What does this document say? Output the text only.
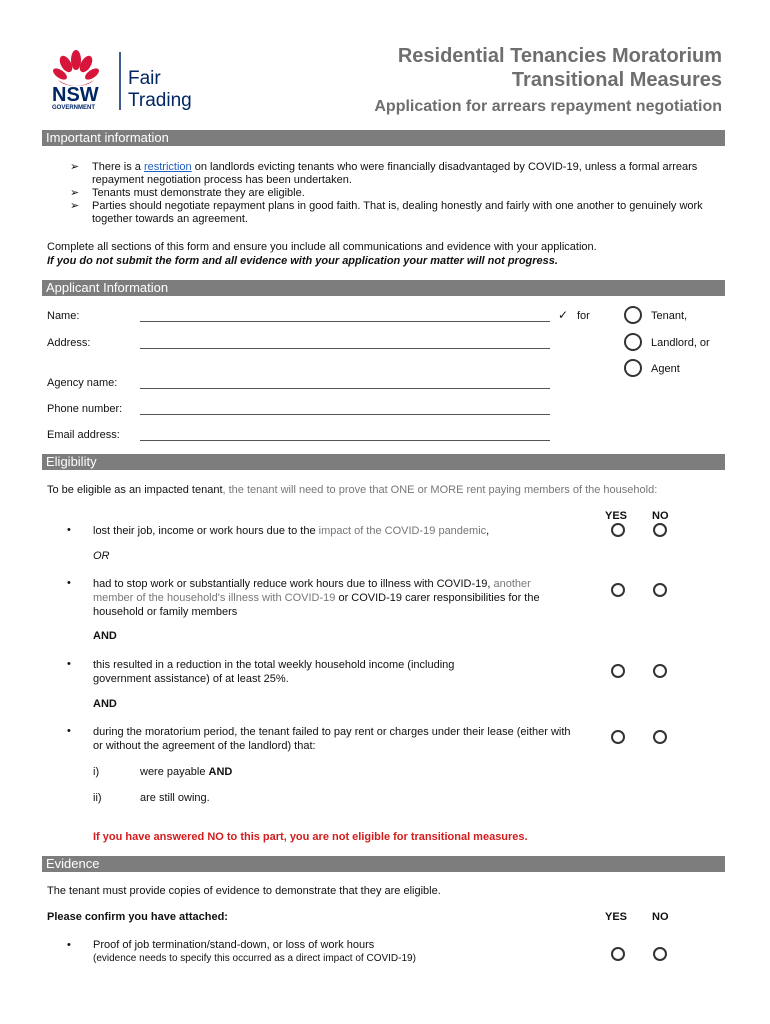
NSW
GOVERNMENT
Fair
Trading
Residential Tenancies Moratorium
Transitional Measures
Application for arrears repayment negotiation
Important information
➢ There is a restriction on landlords evicting tenants who were financially disadvantaged by COVID-19, unless a formal arrears repayment negotiation process has been undertaken.
➢ Tenants must demonstrate they are eligible.
➢ Parties should negotiate repayment plans in good faith. That is, dealing honestly and fairly with one another to genuinely work together towards an agreement.
Complete all sections of this form and ensure you include all communications and evidence with your application.
If you do not submit the form and all evidence with your application your matter will not progress.
Applicant Information
Name:	✓ for	Tenant,
Landlord, or
Agent
Address:
Agency name:
Phone number:
Email address:
Eligibility
To be eligible as an impacted tenant, the tenant will need to prove that ONE or MORE rent paying members of the household:
YES NO
• lost their job, income or work hours due to the impact of the COVID-19 pandemic,
OR
• had to stop work or substantially reduce work hours due to illness with COVID-19, another member of the household's illness with COVID-19 or COVID-19 carer responsibilities for the household or family members
AND
• this resulted in a reduction in the total weekly household income (including government assistance) of at least 25%.
AND
• during the moratorium period, the tenant failed to pay rent or charges under their lease (either with or without the agreement of the landlord) that:
i)	were payable AND
ii)	are still owing.
If you have answered NO to this part, you are not eligible for transitional measures.
Evidence
The tenant must provide copies of evidence to demonstrate that they are eligible.
Please confirm you have attached:	YES NO
• Proof of job termination/stand-down, or loss of work hours
(evidence needs to specify this occurred as a direct impact of COVID-19)
